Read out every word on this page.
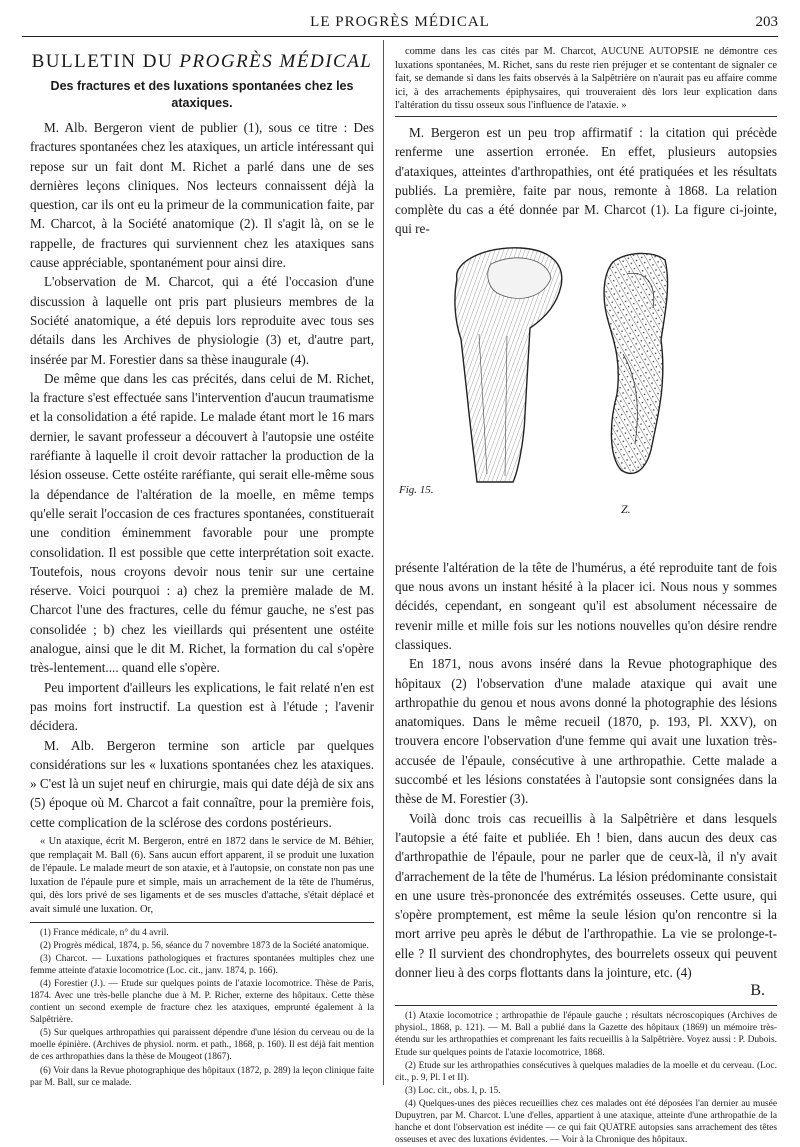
LE PROGRÈS MÉDICAL	203
BULLETIN DU PROGRÈS MÉDICAL
Des fractures et des luxations spontanées chez les ataxiques.

M. Alb. Bergeron vient de publier (1), sous ce titre : Des fractures spontanées chez les ataxiques, un article intéressant qui repose sur un fait dont M. Richet a parlé dans une de ses dernières leçons cliniques. Nos lecteurs connaissent déjà la question, car ils ont eu la primeur de la communication faite, par M. Charcot, à la Société anatomique (2). Il s'agit là, on se le rappelle, de fractures qui surviennent chez les ataxiques sans cause appréciable, spontanément pour ainsi dire.

L'observation de M. Charcot, qui a été l'occasion d'une discussion à laquelle ont pris part plusieurs membres de la Société anatomique, a été depuis lors reproduite avec tous ses détails dans les Archives de physiologie (3) et, d'autre part, insérée par M. Forestier dans sa thèse inaugurale (4).

De même que dans les cas précités, dans celui de M. Richet, la fracture s'est effectuée sans l'intervention d'aucun traumatisme et la consolidation a été rapide. Le malade étant mort le 16 mars dernier, le savant professeur a découvert à l'autopsie une ostéite raréfiante à laquelle il croit devoir rattacher la production de la lésion osseuse. Cette ostéite raréfiante, qui serait elle-même sous la dépendance de l'altération de la moelle, en même temps qu'elle serait l'occasion de ces fractures spontanées, constituerait une condition éminemment favorable pour une prompte consolidation. Il est possible que cette interprétation soit exacte. Toutefois, nous croyons devoir nous tenir sur une certaine réserve. Voici pourquoi : a) chez la première malade de M. Charcot l'une des fractures, celle du fémur gauche, ne s'est pas consolidée ; b) chez les vieillards qui présentent une ostéite analogue, ainsi que le dit M. Richet, la formation du cal s'opère très-lentement.... quand elle s'opère.

Peu importent d'ailleurs les explications, le fait relaté n'en est pas moins fort instructif. La question est à l'étude ; l'avenir décidera.

M. Alb. Bergeron termine son article par quelques considérations sur les « luxations spontanées chez les ataxiques. » C'est là un sujet neuf en chirurgie, mais qui date déjà de six ans (5) époque où M. Charcot a fait connaître, pour la première fois, cette complication de la sclérose des cordons postérieurs.

« Un ataxique, écrit M. Bergeron, entré en 1872 dans le service de M. Béhier, que remplaçait M. Ball (6). Sans aucun effort apparent, il se produit une luxation de l'épaule. Le malade meurt de son ataxie, et à l'autopsie, on constate non pas une luxation de l'épaule pure et simple, mais un arrachement de la tête de l'humérus, qui, dès lors privé de ses ligaments et de ses muscles d'attache, s'était déplacé et avait simulé une luxation. Or,

(1) France médicale, n° du 4 avril.

(2) Progrès médical, 1874, p. 56, séance du 7 novembre 1873 de la Société anatomique.

(3) Charcot. — Luxations pathologiques et fractures spontanées multiples chez une femme atteinte d'ataxie locomotrice (Loc. cit., janv. 1874, p. 166).

(4) Forestier (J.). — Etude sur quelques points de l'ataxie locomotrice. Thèse de Paris, 1874. Avec une très-belle planche due à M. P. Richer, externe des hôpitaux. Cette thèse contient un second exemple de fracture chez les ataxiques, emprunté également à la Salpêtrière.

(5) Sur quelques arthropathies qui paraissent dépendre d'une lésion du cerveau ou de la moelle épinière. (Archives de physiol. norm. et path., 1868, p. 160). Il est déjà fait mention de ces arthropathies dans la thèse de Mougeot (1867).

(6) Voir dans la Revue photographique des hôpitaux (1872, p. 289) la leçon clinique faite par M. Ball, sur ce malade.

comme dans les cas cités par M. Charcot, AUCUNE AUTOPSIE ne démontre ces luxations spontanées, M. Richet, sans du reste rien préjuger et se contentant de signaler ce fait, se demande si dans les faits observés à la Salpêtrière on n'aurait pas eu affaire comme ici, à des arrachements épiphysaires, qui trouveraient dès lors leur explication dans l'altération du tissu osseux sous l'influence de l'ataxie. »

M. Bergeron est un peu trop affirmatif : la citation qui précède renferme une assertion erronée. En effet, plusieurs autopsies d'ataxiques, atteintes d'arthropathies, ont été pratiquées et les résultats publiés. La première, faite par nous, remonte à 1868. La relation complète du cas a été donnée par M. Charcot (1). La figure ci-jointe, qui re-

Fig. 15.
Z.

présente l'altération de la tête de l'humérus, a été reproduite tant de fois que nous avons un instant hésité à la placer ici. Nous nous y sommes décidés, cependant, en songeant qu'il est absolument nécessaire de revenir mille et mille fois sur les notions nouvelles qu'on désire rendre classiques.

En 1871, nous avons inséré dans la Revue photographique des hôpitaux (2) l'observation d'une malade ataxique qui avait une arthropathie du genou et nous avons donné la photographie des lésions anatomiques. Dans le même recueil (1870, p. 193, Pl. XXV), on trouvera encore l'observation d'une femme qui avait une luxation très-accusée de l'épaule, consécutive à une arthropathie. Cette malade a succombé et les lésions constatées à l'autopsie sont consignées dans la thèse de M. Forestier (3).

Voilà donc trois cas recueillis à la Salpêtrière et dans lesquels l'autopsie a été faite et publiée. Eh ! bien, dans aucun des deux cas d'arthropathie de l'épaule, pour ne parler que de ceux-là, il n'y avait d'arrachement de la tête de l'humérus. La lésion prédominante consistait en une usure très-prononcée des extrémités osseuses. Cette usure, qui s'opère promptement, est même la seule lésion qu'on rencontre si la mort arrive peu après le début de l'arthropathie. La vie se prolonge-t-elle ? Il survient des chondrophytes, des bourrelets osseux qui peuvent donner lieu à des corps flottants dans la jointure, etc. (4)

B.

(1) Ataxie locomotrice ; arthropathie de l'épaule gauche ; résultats nécroscopiques (Archives de physiol., 1868, p. 121). — M. Ball a publié dans la Gazette des hôpitaux (1869) un mémoire très-étendu sur les arthropathies et comprenant les faits recueillis à la Salpêtrière. Voyez aussi : P. Dubois. Etude sur quelques points de l'ataxie locomotrice, 1868.

(2) Etude sur les arthropathies consécutives à quelques maladies de la moelle et du cerveau. (Loc. cit., p. 9, Pl. I et II).

(3) Loc. cit., obs. I, p. 15.

(4) Quelques-unes des pièces recueillies chez ces malades ont été déposées l'an dernier au musée Dupuytren, par M. Charcot. L'une d'elles, appartient à une ataxique, atteinte d'une arthropathie de la hanche et dont l'observation est inédite — ce qui fait QUATRE autopsies sans arrachement des têtes osseuses et avec des luxations évidentes. — Voir à la Chronique des hôpitaux.
